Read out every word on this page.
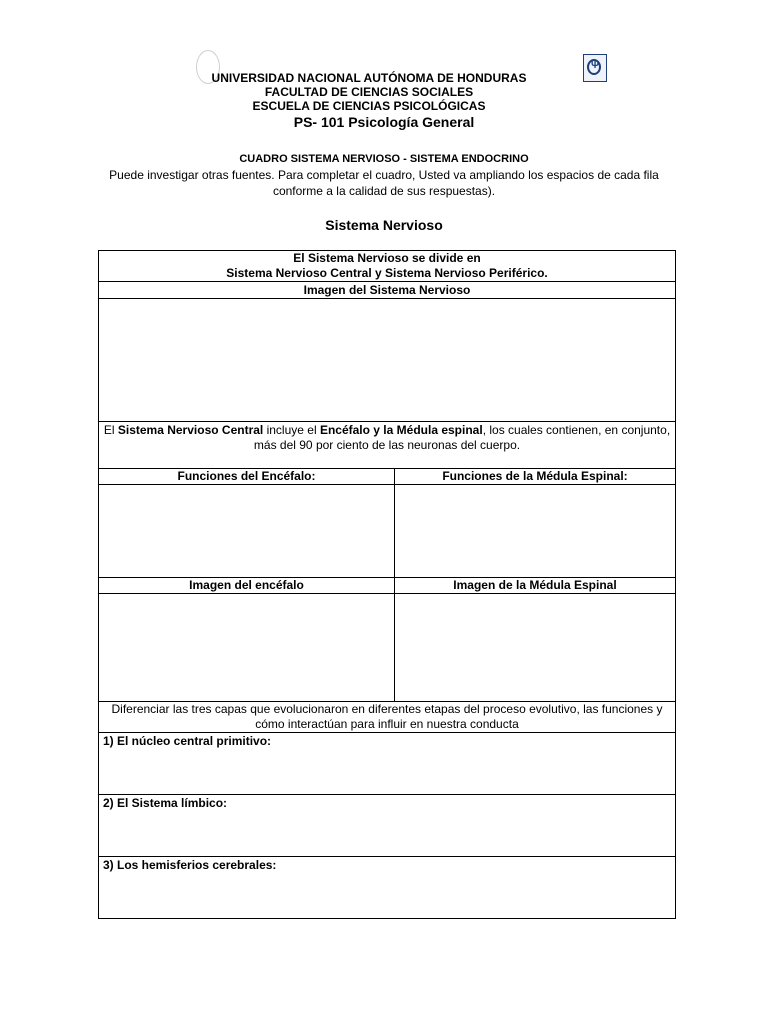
Ψ
UNIVERSIDAD NACIONAL AUTÓNOMA DE HONDURAS
FACULTAD DE CIENCIAS SOCIALES
ESCUELA DE CIENCIAS PSICOLÓGICAS
PS- 101 Psicología General
CUADRO SISTEMA NERVIOSO - SISTEMA ENDOCRINO
Puede investigar otras fuentes. Para completar el cuadro, Usted va ampliando los espacios de cada fila conforme a la calidad de sus respuestas).
Sistema Nervioso
El Sistema Nervioso se divide en
Sistema Nervioso Central y Sistema Nervioso Periférico.	

Imagen del Sistema Nervioso	

El Sistema Nervioso Central incluye el Encéfalo y la Médula espinal, los cuales contienen, en conjunto, más del 90 por ciento de las neuronas del cuerpo.	
Funciones del Encéfalo:	Funciones de la Médula Espinal:

Imagen del encéfalo	Imagen de la Médula Espinal

Diferenciar las tres capas que evolucionaron en diferentes etapas del proceso evolutivo, las funciones y cómo interactúan para influir en nuestra conducta	
1) El núcleo central primitivo:	
2) El Sistema límbico:	
3) Los hemisferios cerebrales:	
